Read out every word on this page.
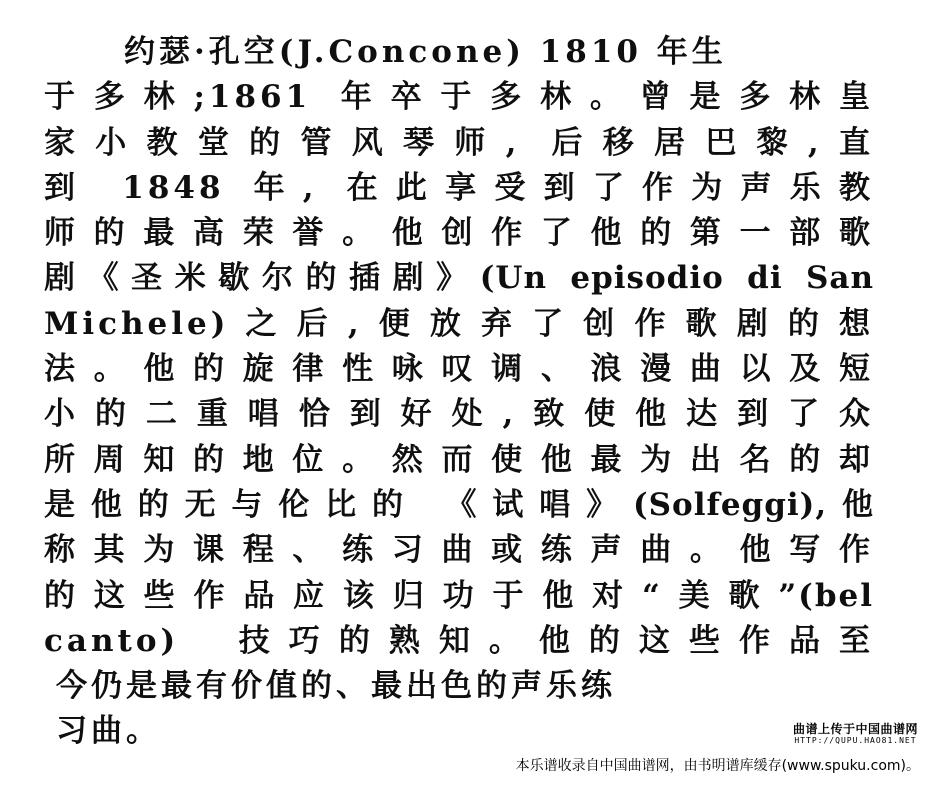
约瑟·孔空(J.Concone) 1810 年生
于多林;1861 年卒于多林。曾是多林皇
家小教堂的管风琴师, 后移居巴黎,直
到 1848 年, 在此享受到了作为声乐教
师的最高荣誉。他创作了他的第一部歌
剧《圣米歇尔的插剧》(Un episodio di San
Michele)之后,便放弃了创作歌剧的想
法。他的旋律性咏叹调、浪漫曲以及短
小的二重唱恰到好处,致使他达到了众
所周知的地位。然而使他最为出名的却
是他的无与伦比的 《试唱》(Solfeggi),他
称其为课程、练习曲或练声曲。他写作
的这些作品应该归功于他对“美歌”(bel
canto)  技巧的熟知。他的这些作品至
今仍是最有价值的、最出色的声乐练
习曲。	曲谱上传于中国曲谱网
HTTP://QUPU.HAO81.NET
本乐谱收录自中国曲谱网，由书明谱库缓存(www.spuku.com)。
